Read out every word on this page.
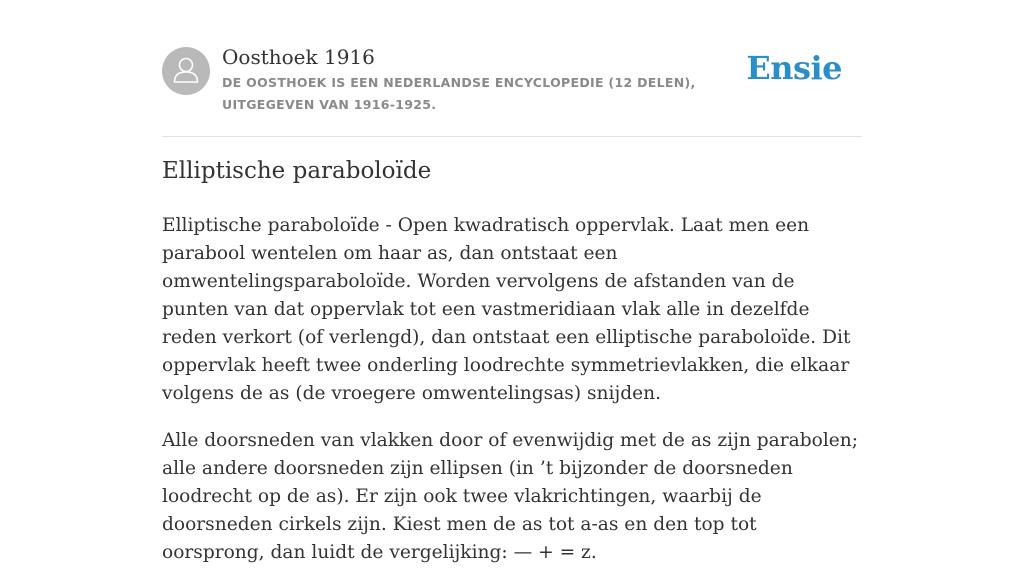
Oosthoek 1916
DE OOSTHOEK IS EEN NEDERLANDSE ENCYCLOPEDIE (12 DELEN), UITGEGEVEN VAN 1916-1925.
Ensie
Elliptische paraboloïde

Elliptische paraboloïde - Open kwadratisch oppervlak. Laat men een parabool wentelen om haar as, dan ontstaat een omwentelingsparaboloïde. Worden vervolgens de afstanden van de punten van dat oppervlak tot een vastmeridiaan vlak alle in dezelfde reden verkort (of verlengd), dan ontstaat een elliptische paraboloïde. Dit oppervlak heeft twee onderling loodrechte symmetrievlakken, die elkaar volgens de as (de vroegere omwentelingsas) snijden.

Alle doorsneden van vlakken door of evenwijdig met de as zijn parabolen; alle andere doorsneden zijn ellipsen (in ’t bijzonder de doorsneden loodrecht op de as). Er zijn ook twee vlakrichtingen, waarbij de doorsneden cirkels zijn. Kiest men de as tot a-as en den top tot oorsprong, dan luidt de vergelijking: — + = z.
